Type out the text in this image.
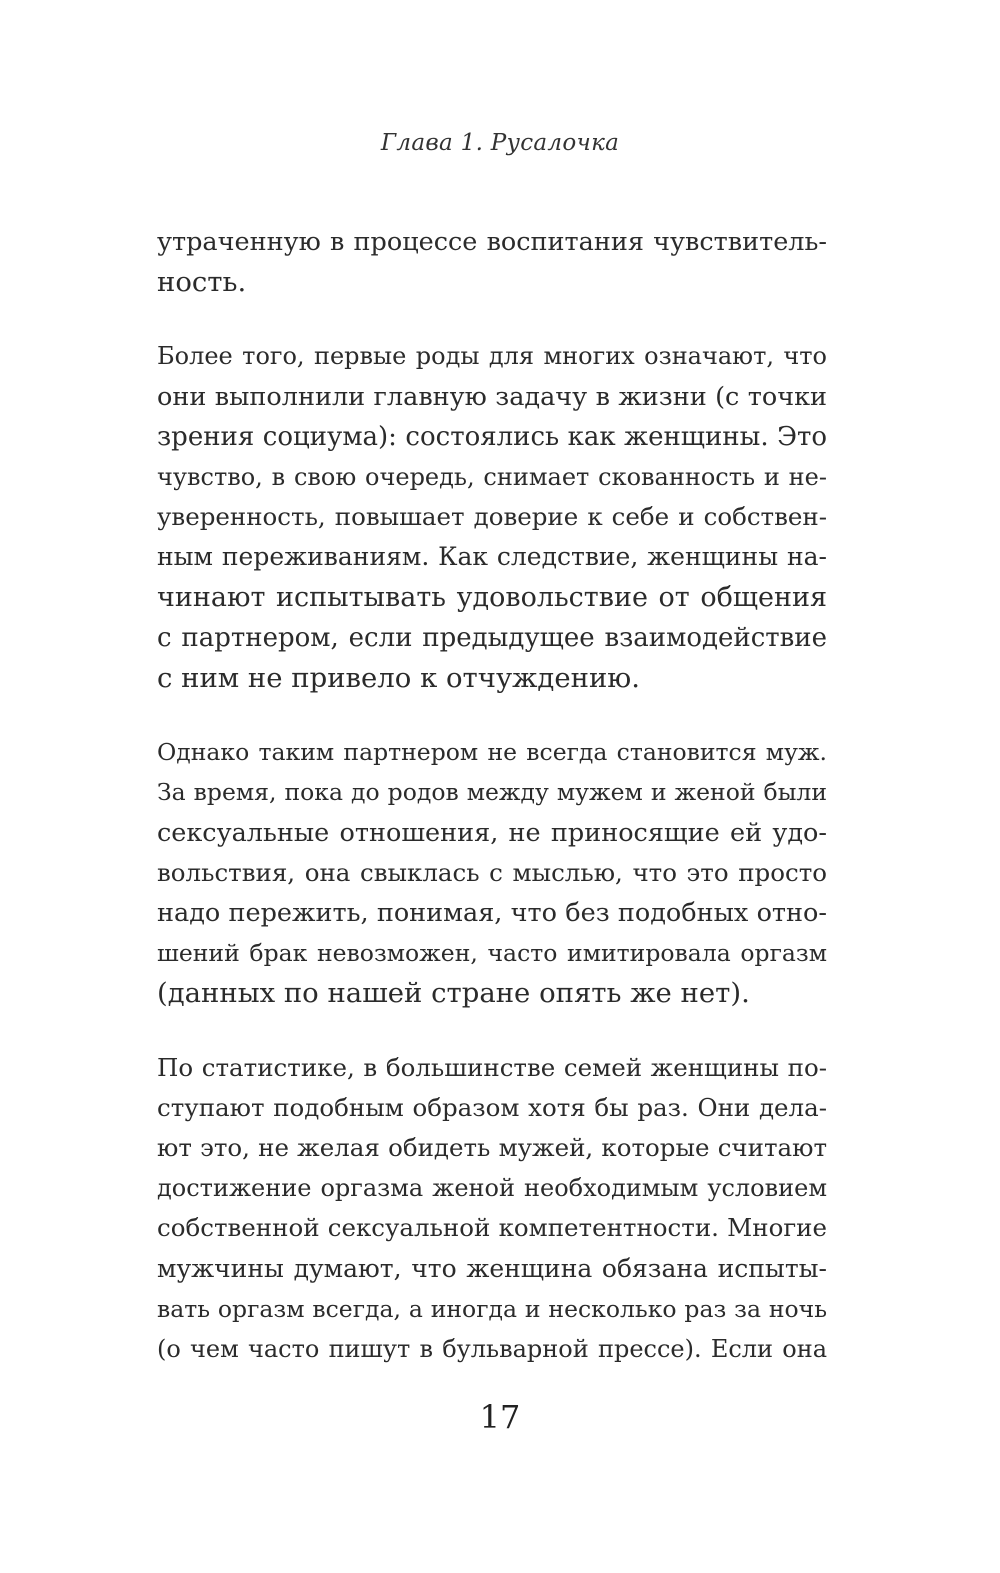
Глава 1. Русалочка

утраченную в процессе воспитания чувствитель-
ность.

Более того, первые роды для многих означают, что
они выполнили главную задачу в жизни (с точки
зрения социума): состоялись как женщины. Это
чувство, в свою очередь, снимает скованность и не-
уверенность, повышает доверие к себе и собствен-
ным переживаниям. Как следствие, женщины на-
чинают испытывать удовольствие от общения
с партнером, если предыдущее взаимодействие
с ним не привело к отчуждению.

Однако таким партнером не всегда становится муж.
За время, пока до родов между мужем и женой были
сексуальные отношения, не приносящие ей удо-
вольствия, она свыклась с мыслью, что это просто
надо пережить, понимая, что без подобных отно-
шений брак невозможен, часто имитировала оргазм
(данных по нашей стране опять же нет).

По статистике, в большинстве семей женщины по-
ступают подобным образом хотя бы раз. Они дела-
ют это, не желая обидеть мужей, которые считают
достижение оргазма женой необходимым условием
собственной сексуальной компетентности. Многие
мужчины думают, что женщина обязана испыты-
вать оргазм всегда, а иногда и несколько раз за ночь
(о чем часто пишут в бульварной прессе). Если она

17
